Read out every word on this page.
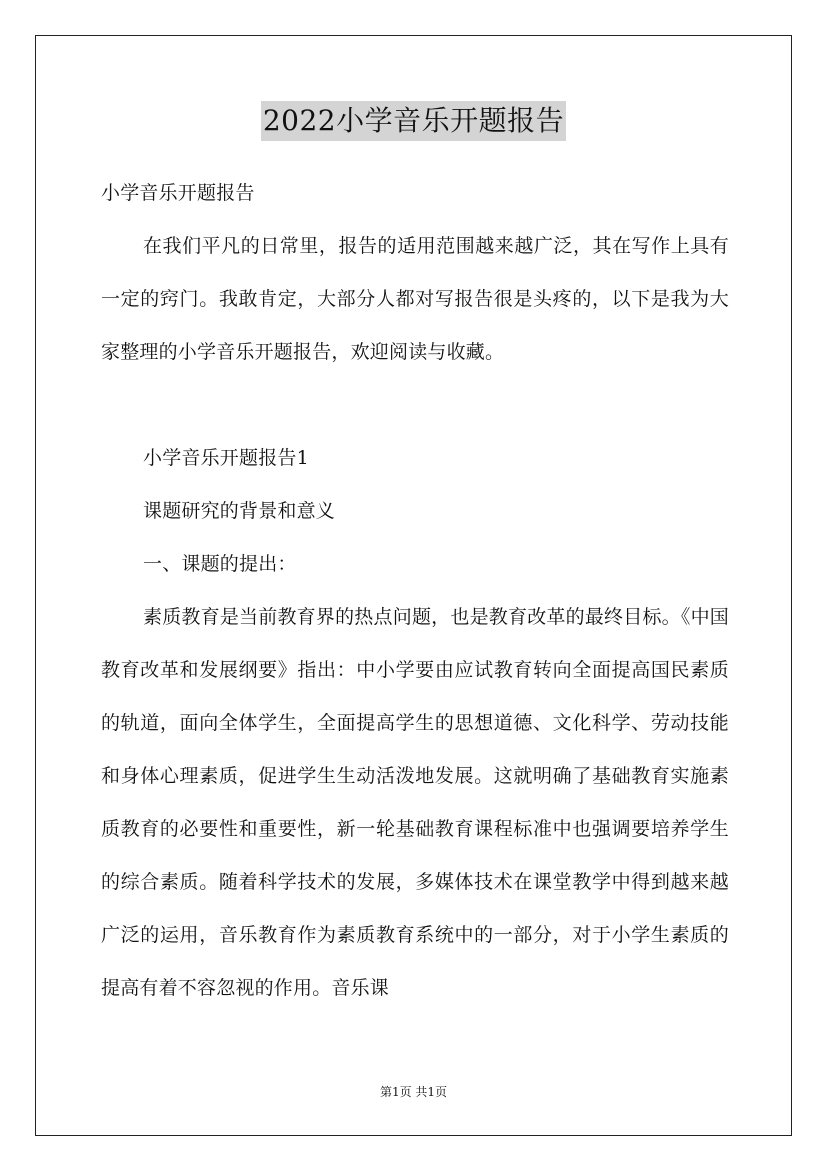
2022小学音乐开题报告

小学音乐开题报告

在我们平凡的日常里，报告的适用范围越来越广泛，其在写作上具有一定的窍门。我敢肯定，大部分人都对写报告很是头疼的，以下是我为大家整理的小学音乐开题报告，欢迎阅读与收藏。

小学音乐开题报告1

课题研究的背景和意义

一、课题的提出：

素质教育是当前教育界的热点问题，也是教育改革的最终目标。《中国教育改革和发展纲要》指出：中小学要由应试教育转向全面提高国民素质的轨道，面向全体学生，全面提高学生的思想道德、文化科学、劳动技能和身体心理素质，促进学生生动活泼地发展。这就明确了基础教育实施素质教育的必要性和重要性，新一轮基础教育课程标准中也强调要培养学生的综合素质。随着科学技术的发展，多媒体技术在课堂教学中得到越来越广泛的运用，音乐教育作为素质教育系统中的一部分，对于小学生素质的提高有着不容忽视的作用。音乐课

第1页 共1页
